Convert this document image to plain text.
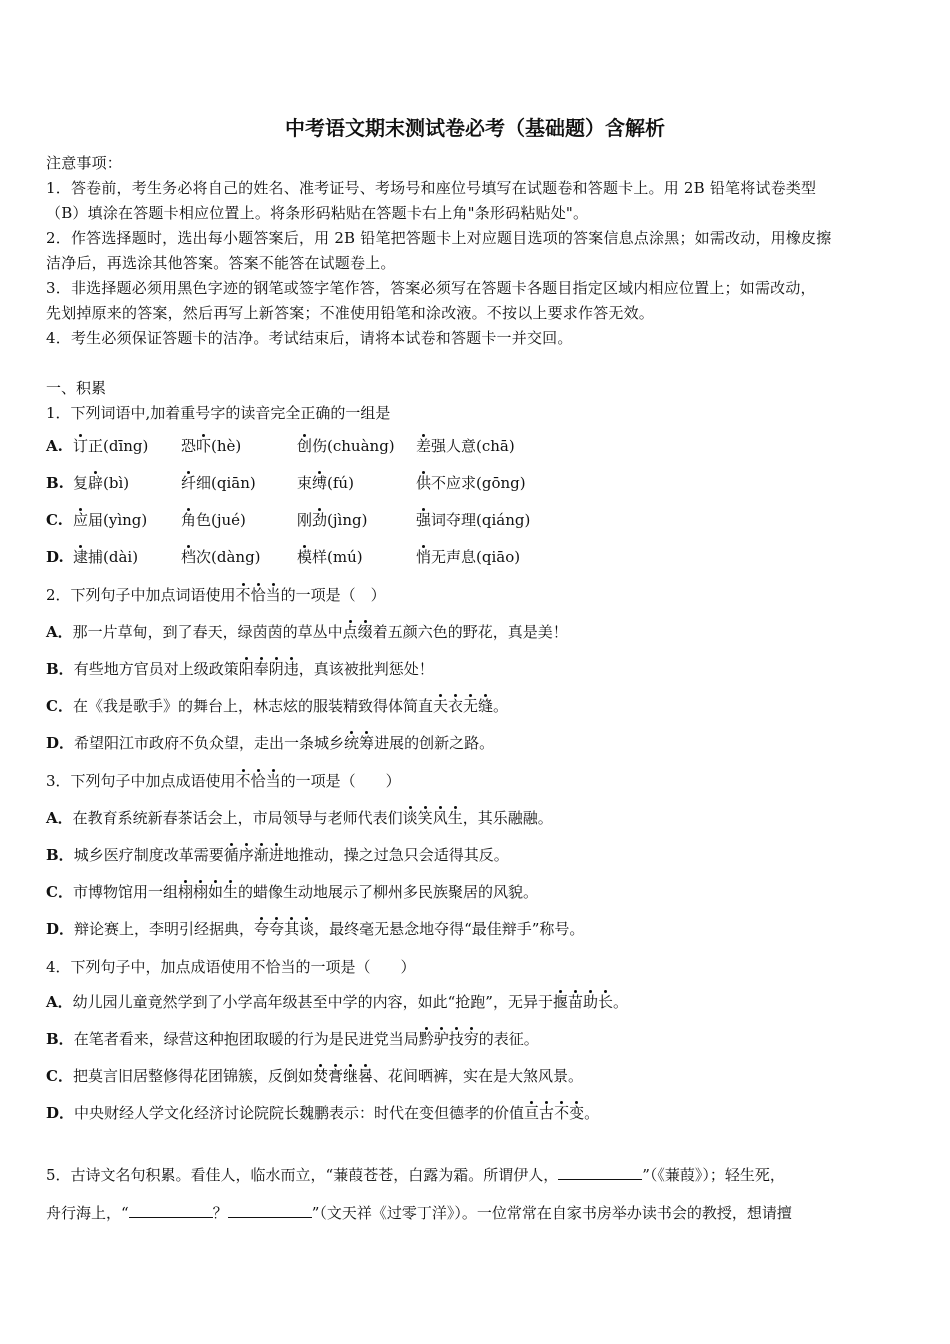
中考语文期末测试卷必考（基础题）含解析
注意事项：
1．答卷前，考生务必将自己的姓名、准考证号、考场号和座位号填写在试题卷和答题卡上。用 2B 铅笔将试卷类型
（B）填涂在答题卡相应位置上。将条形码粘贴在答题卡右上角"条形码粘贴处"。
2．作答选择题时，选出每小题答案后，用 2B 铅笔把答题卡上对应题目选项的答案信息点涂黑；如需改动，用橡皮擦
洁净后，再选涂其他答案。答案不能答在试题卷上。
3．非选择题必须用黑色字迹的钢笔或签字笔作答，答案必须写在答题卡各题目指定区域内相应位置上；如需改动，
先划掉原来的答案，然后再写上新答案；不准使用铅笔和涂改液。不按以上要求作答无效。
4．考生必须保证答题卡的洁净。考试结束后，请将本试卷和答题卡一并交回。
一、积累
1．下列词语中,加着重号字的读音完全正确的一组是
A. 订正(dīng) 恐吓(hè)	创伤(chuàng) 差强人意(chā)
B. 复辟(bì)	纤细(qiān)	束缚(fú)	供不应求(gōng)
C. 应届(yìng) 角色(jué)	刚劲(jìng)	强词夺理(qiáng)
D. 逮捕(dài)	档次(dàng) 模样(mú)	悄无声息(qiāo)
2．下列句子中加点词语使用不恰当的一项是（　）
A．那一片草甸，到了春天，绿茵茵的草丛中点缀着五颜六色的野花，真是美！
B．有些地方官员对上级政策阳奉阴违，真该被批判惩处！
C．在《我是歌手》的舞台上，林志炫的服装精致得体简直天衣无缝。
D．希望阳江市政府不负众望，走出一条城乡统筹进展的创新之路。
3．下列句子中加点成语使用不恰当的一项是（　　）
A．在教育系统新春茶话会上，市局领导与老师代表们谈笑风生，其乐融融。
B．城乡医疗制度改革需要循序渐进地推动，操之过急只会适得其反。
C．市博物馆用一组栩栩如生的蜡像生动地展示了柳州多民族聚居的风貌。
D．辩论赛上，李明引经据典，夸夸其谈，最终毫无悬念地夺得“最佳辩手”称号。
4．下列句子中，加点成语使用不恰当的一项是（　　）
A．幼儿园儿童竟然学到了小学高年级甚至中学的内容，如此“抢跑”，无异于揠苗助长。
B．在笔者看来，绿营这种抱团取暖的行为是民进党当局黔驴技穷的表征。
C．把莫言旧居整修得花团锦簇，反倒如焚膏继晷、花间晒裤，实在是大煞风景。
D．中央财经人学文化经济讨论院院长魏鹏表示：时代在变但德孝的价值亘古不变。
5．古诗文名句积累。看佳人，临水而立，“蒹葭苍苍，白露为霜。所谓伊人，	”（《蒹葭》）；轻生死，
舟行海上，“	？	”（文天祥《过零丁洋》）。一位常常在自家书房举办读书会的教授，想请擅
